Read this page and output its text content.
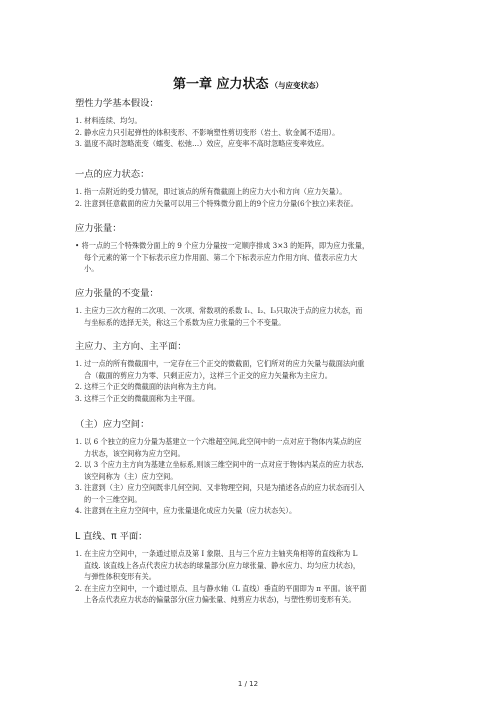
第一章 应力状态 （与应变状态）
塑性力学基本假设：
1. 材料连续、均匀。
2. 静水应力只引起弹性的体积变形、不影响塑性剪切变形（岩土、软金属不适用）。
3. 温度不高时忽略流变（蠕变、松弛…）效应，应变率不高时忽略应变率效应。
一点的应力状态：
1. 指一点附近的受力情况，即过该点的所有微截面上的应力大小和方向（应力矢量）。
2. 注意到任意截面的应力矢量可以用三个特殊微分面上的9个应力分量(6个独立)来表征。
应力张量：
• 将一点的三个特殊微分面上的 9 个应力分量按一定顺序排成 3×3 的矩阵，即为应力张量，
每个元素的第一个下标表示应力作用面、第二个下标表示应力作用方向、值表示应力大
小。
应力张量的不变量：
1. 主应力三次方程的二次项、一次项、常数项的系数 I₁、I₂、I₃只取决于点的应力状态，而
与坐标系的选择无关，称这三个系数为应力张量的三个不变量。
主应力、主方向、主平面：
1. 过一点的所有微截面中，一定存在三个正交的微截面，它们所对的应力矢量与截面法向重
合（截面的剪应力为零、只剩正应力），这样三个正交的应力矢量称为主应力。
2. 这样三个正交的微截面的法向称为主方向。
3. 这样三个正交的微截面称为主平面。
（主）应力空间：
1. 以 6 个独立的应力分量为基建立一个六维超空间,此空间中的一点对应于物体内某点的应
力状态，该空间称为应力空间。
2. 以 3 个应力主方向为基建立坐标系,则该三维空间中的一点对应于物体内某点的应力状态,
该空间称为（主）应力空间。
3. 注意到（主）应力空间既非几何空间、又非物理空间，只是为描述各点的应力状态而引入
的一个三维空间。
4. 注意到在主应力空间中，应力张量退化成应力矢量（应力状态矢）。
L 直线、π 平面：
1. 在主应力空间中，一条通过原点及第 Ⅰ 象限、且与三个应力主轴夹角相等的直线称为 L
直线. 该直线上各点代表应力状态的球量部分(应力球张量、静水应力、均匀应力状态)，
与弹性体积变形有关。
2. 在主应力空间中，一个通过原点、且与静水轴（L 直线）垂直的平面即为 π 平面。该平面
上各点代表应力状态的偏量部分(应力偏张量、纯剪应力状态)，与塑性剪切变形有关。
1 / 12
